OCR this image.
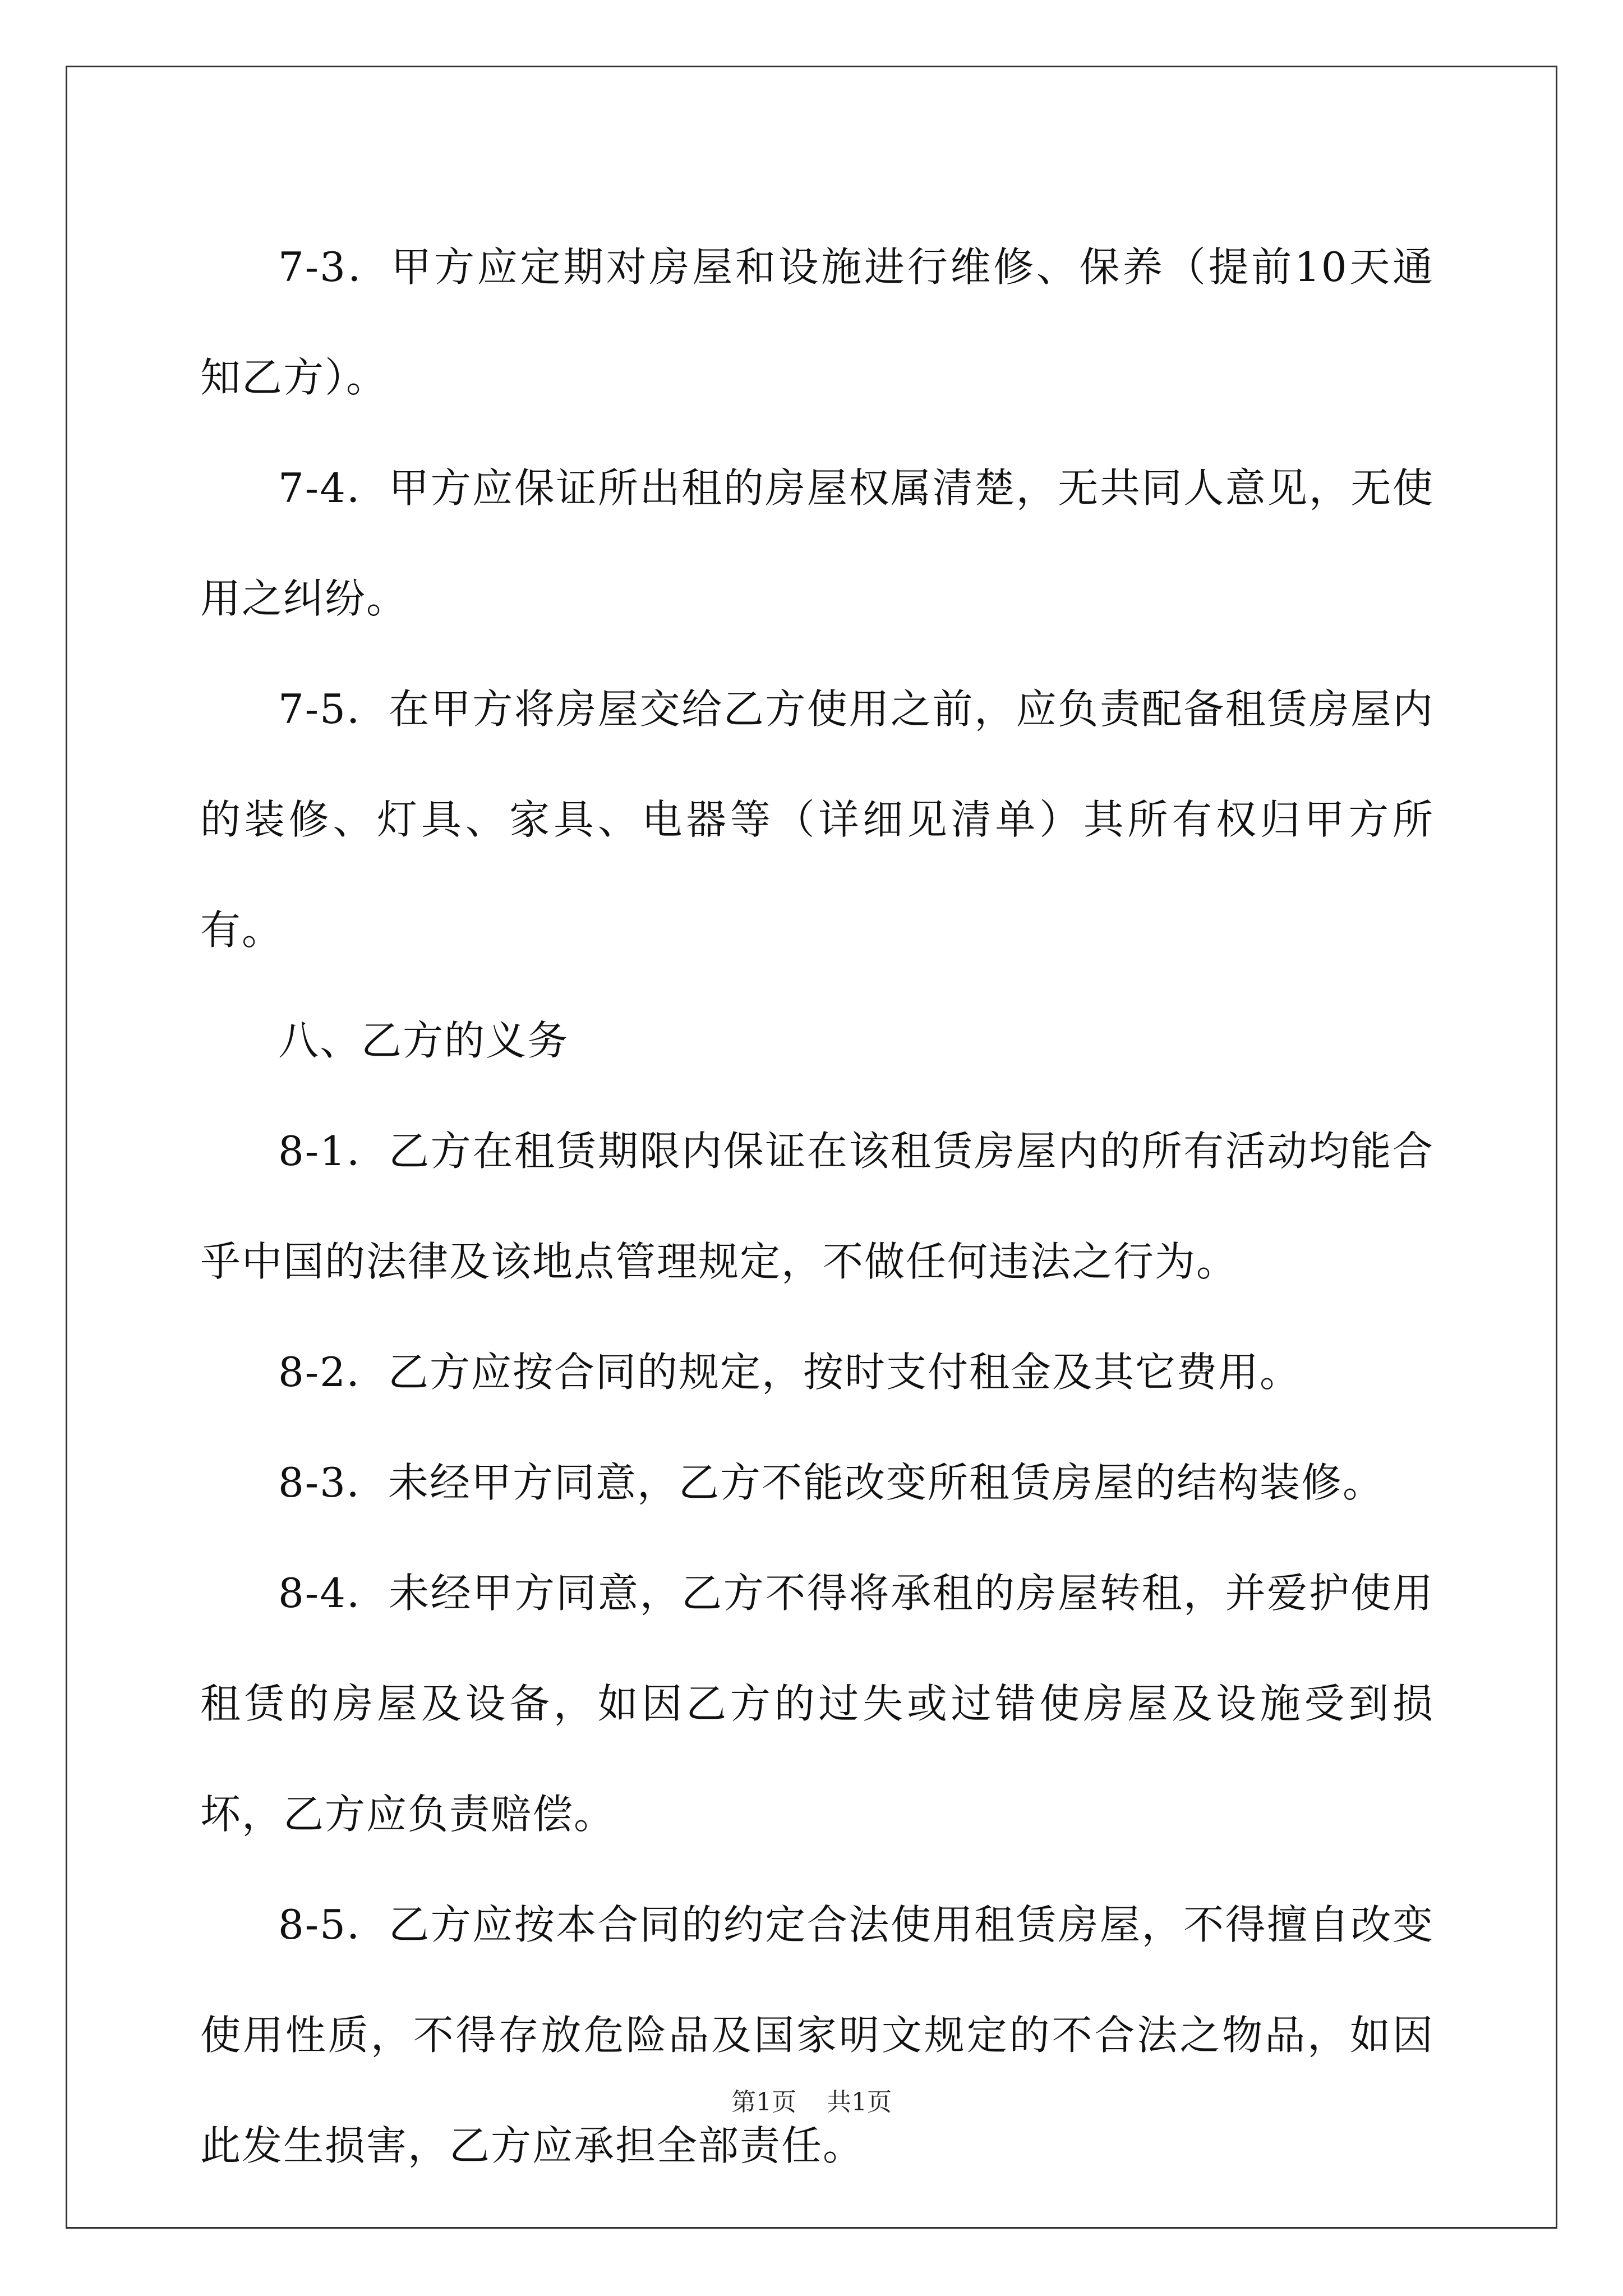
7-3．甲方应定期对房屋和设施进行维修、保养（提前10天通知乙方）。

7-4．甲方应保证所出租的房屋权属清楚，无共同人意见，无使用之纠纷。

7-5．在甲方将房屋交给乙方使用之前，应负责配备租赁房屋内的装修、灯具、家具、电器等（详细见清单）其所有权归甲方所有。

八、乙方的义务

8-1．乙方在租赁期限内保证在该租赁房屋内的所有活动均能合乎中国的法律及该地点管理规定，不做任何违法之行为。

8-2．乙方应按合同的规定，按时支付租金及其它费用。

8-3．未经甲方同意，乙方不能改变所租赁房屋的结构装修。

8-4．未经甲方同意，乙方不得将承租的房屋转租，并爱护使用租赁的房屋及设备，如因乙方的过失或过错使房屋及设施受到损坏，乙方应负责赔偿。

8-5．乙方应按本合同的约定合法使用租赁房屋，不得擅自改变使用性质，不得存放危险品及国家明文规定的不合法之物品，如因此发生损害，乙方应承担全部责任。

第1页 共1页
